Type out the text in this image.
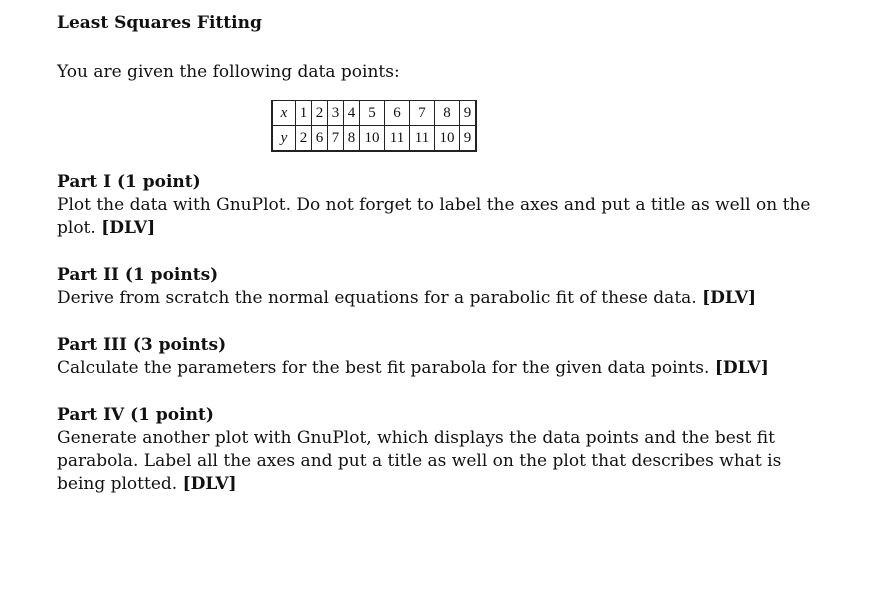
Least Squares Fitting
You are given the following data points:
x	1	2	3	4	5	6	7	8	9
y	2	6	7	8	10	11	11	10	9
Part I (1 point)
Plot the data with GnuPlot. Do not forget to label the axes and put a title as well on the plot. [DLV]
Part II (1 points)
Derive from scratch the normal equations for a parabolic fit of these data. [DLV]
Part III (3 points)
Calculate the parameters for the best fit parabola for the given data points. [DLV]
Part IV (1 point)
Generate another plot with GnuPlot, which displays the data points and the best fit parabola. Label all the axes and put a title as well on the plot that describes what is being plotted. [DLV]
